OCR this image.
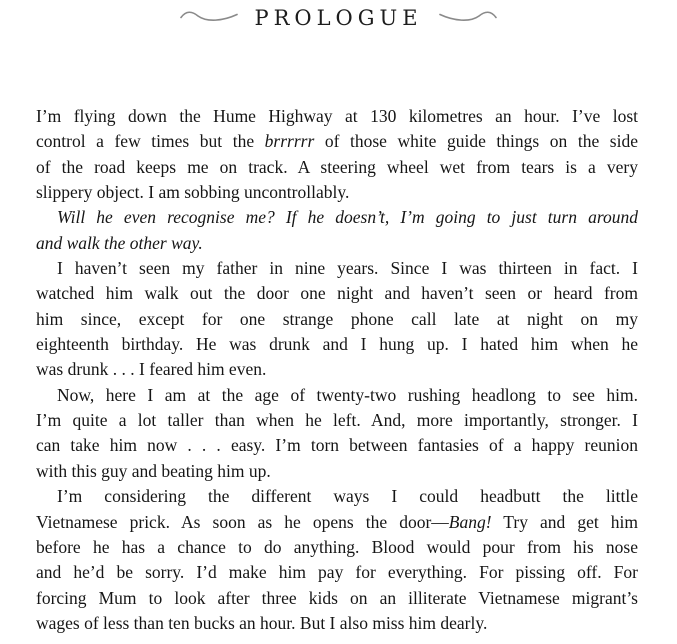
PROLOGUE
I’m flying down the Hume Highway at 130 kilometres an hour. I’ve lost
control a few times but the brrrrrr of those white guide things on the side
of the road keeps me on track. A steering wheel wet from tears is a very
slippery object. I am sobbing uncontrollably.
Will he even recognise me? If he doesn’t, I’m going to just turn around
and walk the other way.
I haven’t seen my father in nine years. Since I was thirteen in fact. I
watched him walk out the door one night and haven’t seen or heard from
him since, except for one strange phone call late at night on my
eighteenth birthday. He was drunk and I hung up. I hated him when he
was drunk . . . I feared him even.
Now, here I am at the age of twenty-two rushing headlong to see him.
I’m quite a lot taller than when he left. And, more importantly, stronger. I
can take him now . . . easy. I’m torn between fantasies of a happy reunion
with this guy and beating him up.
I’m considering the different ways I could headbutt the little
Vietnamese prick. As soon as he opens the door—Bang! Try and get him
before he has a chance to do anything. Blood would pour from his nose
and he’d be sorry. I’d make him pay for everything. For pissing off. For
forcing Mum to look after three kids on an illiterate Vietnamese migrant’s
wages of less than ten bucks an hour. But I also miss him dearly.
